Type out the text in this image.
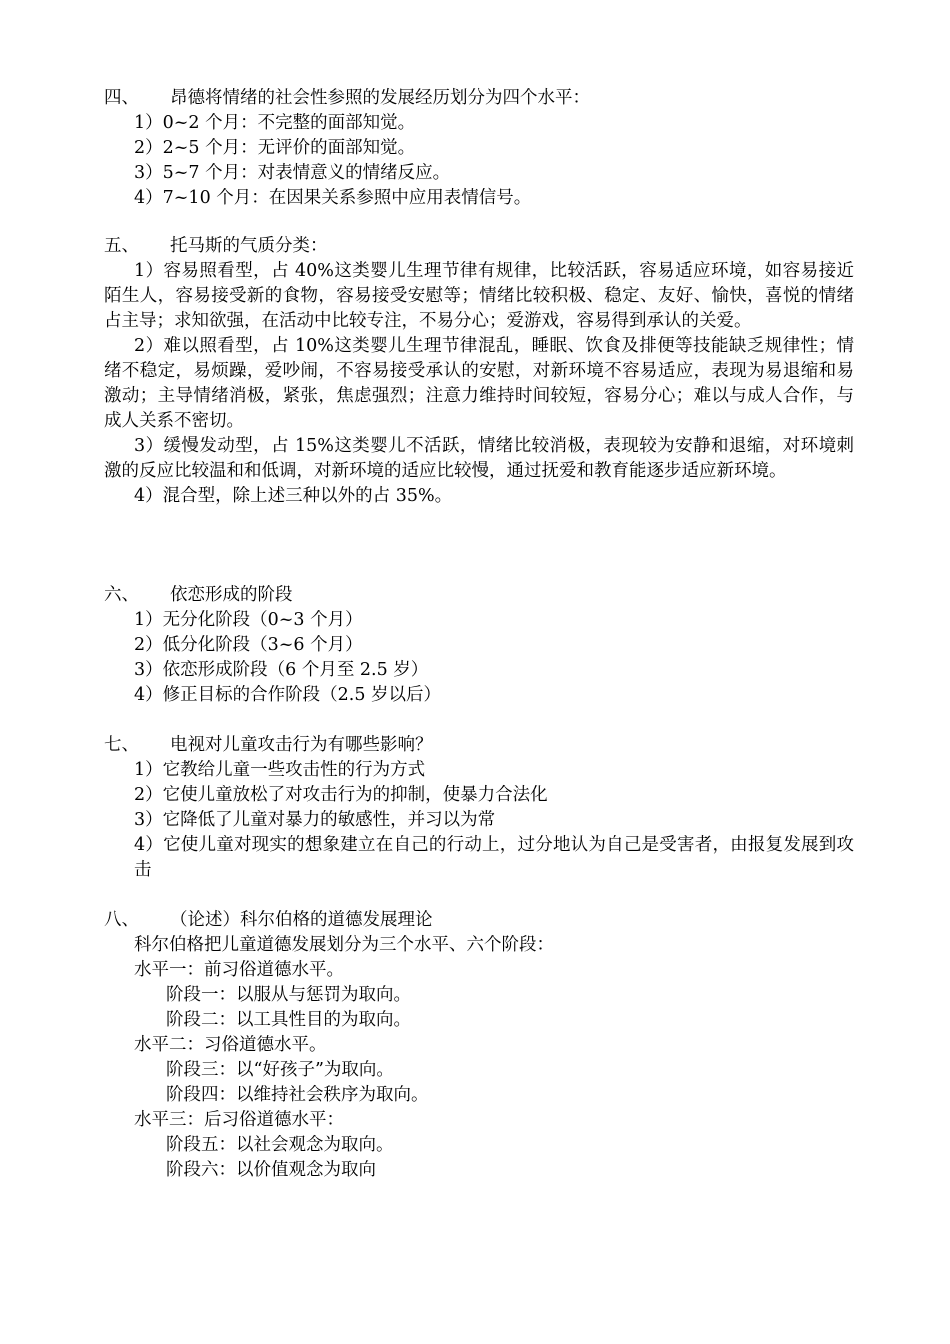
四、	昂德将情绪的社会性参照的发展经历划分为四个水平：
1）0~2 个月：不完整的面部知觉。
2）2~5 个月：无评价的面部知觉。
3）5~7 个月：对表情意义的情绪反应。
4）7~10 个月：在因果关系参照中应用表情信号。
五、	托马斯的气质分类：
1）容易照看型，占 40%这类婴儿生理节律有规律，比较活跃，容易适应环境，如容易接近陌生人，容易接受新的食物，容易接受安慰等；情绪比较积极、稳定、友好、愉快，喜悦的情绪占主导；求知欲强，在活动中比较专注，不易分心；爱游戏，容易得到承认的关爱。
2）难以照看型，占 10%这类婴儿生理节律混乱，睡眠、饮食及排便等技能缺乏规律性；情绪不稳定，易烦躁，爱吵闹，不容易接受承认的安慰，对新环境不容易适应，表现为易退缩和易激动；主导情绪消极，紧张，焦虑强烈；注意力维持时间较短，容易分心；难以与成人合作，与成人关系不密切。
3）缓慢发动型，占 15%这类婴儿不活跃，情绪比较消极，表现较为安静和退缩，对环境刺激的反应比较温和和低调，对新环境的适应比较慢，通过抚爱和教育能逐步适应新环境。
4）混合型，除上述三种以外的占 35%。
六、	依恋形成的阶段
1）无分化阶段（0~3 个月）
2）低分化阶段（3~6 个月）
3）依恋形成阶段（6 个月至 2.5 岁）
4）修正目标的合作阶段（2.5 岁以后）
七、	电视对儿童攻击行为有哪些影响？
1）它教给儿童一些攻击性的行为方式
2）它使儿童放松了对攻击行为的抑制，使暴力合法化
3）它降低了儿童对暴力的敏感性，并习以为常
4）它使儿童对现实的想象建立在自己的行动上，过分地认为自己是受害者，由报复发展到攻击
八、	（论述）科尔伯格的道德发展理论
科尔伯格把儿童道德发展划分为三个水平、六个阶段：
水平一：前习俗道德水平。
阶段一：以服从与惩罚为取向。
阶段二：以工具性目的为取向。
水平二：习俗道德水平。
阶段三：以“好孩子”为取向。
阶段四：以维持社会秩序为取向。
水平三：后习俗道德水平：
阶段五：以社会观念为取向。
阶段六：以价值观念为取向
